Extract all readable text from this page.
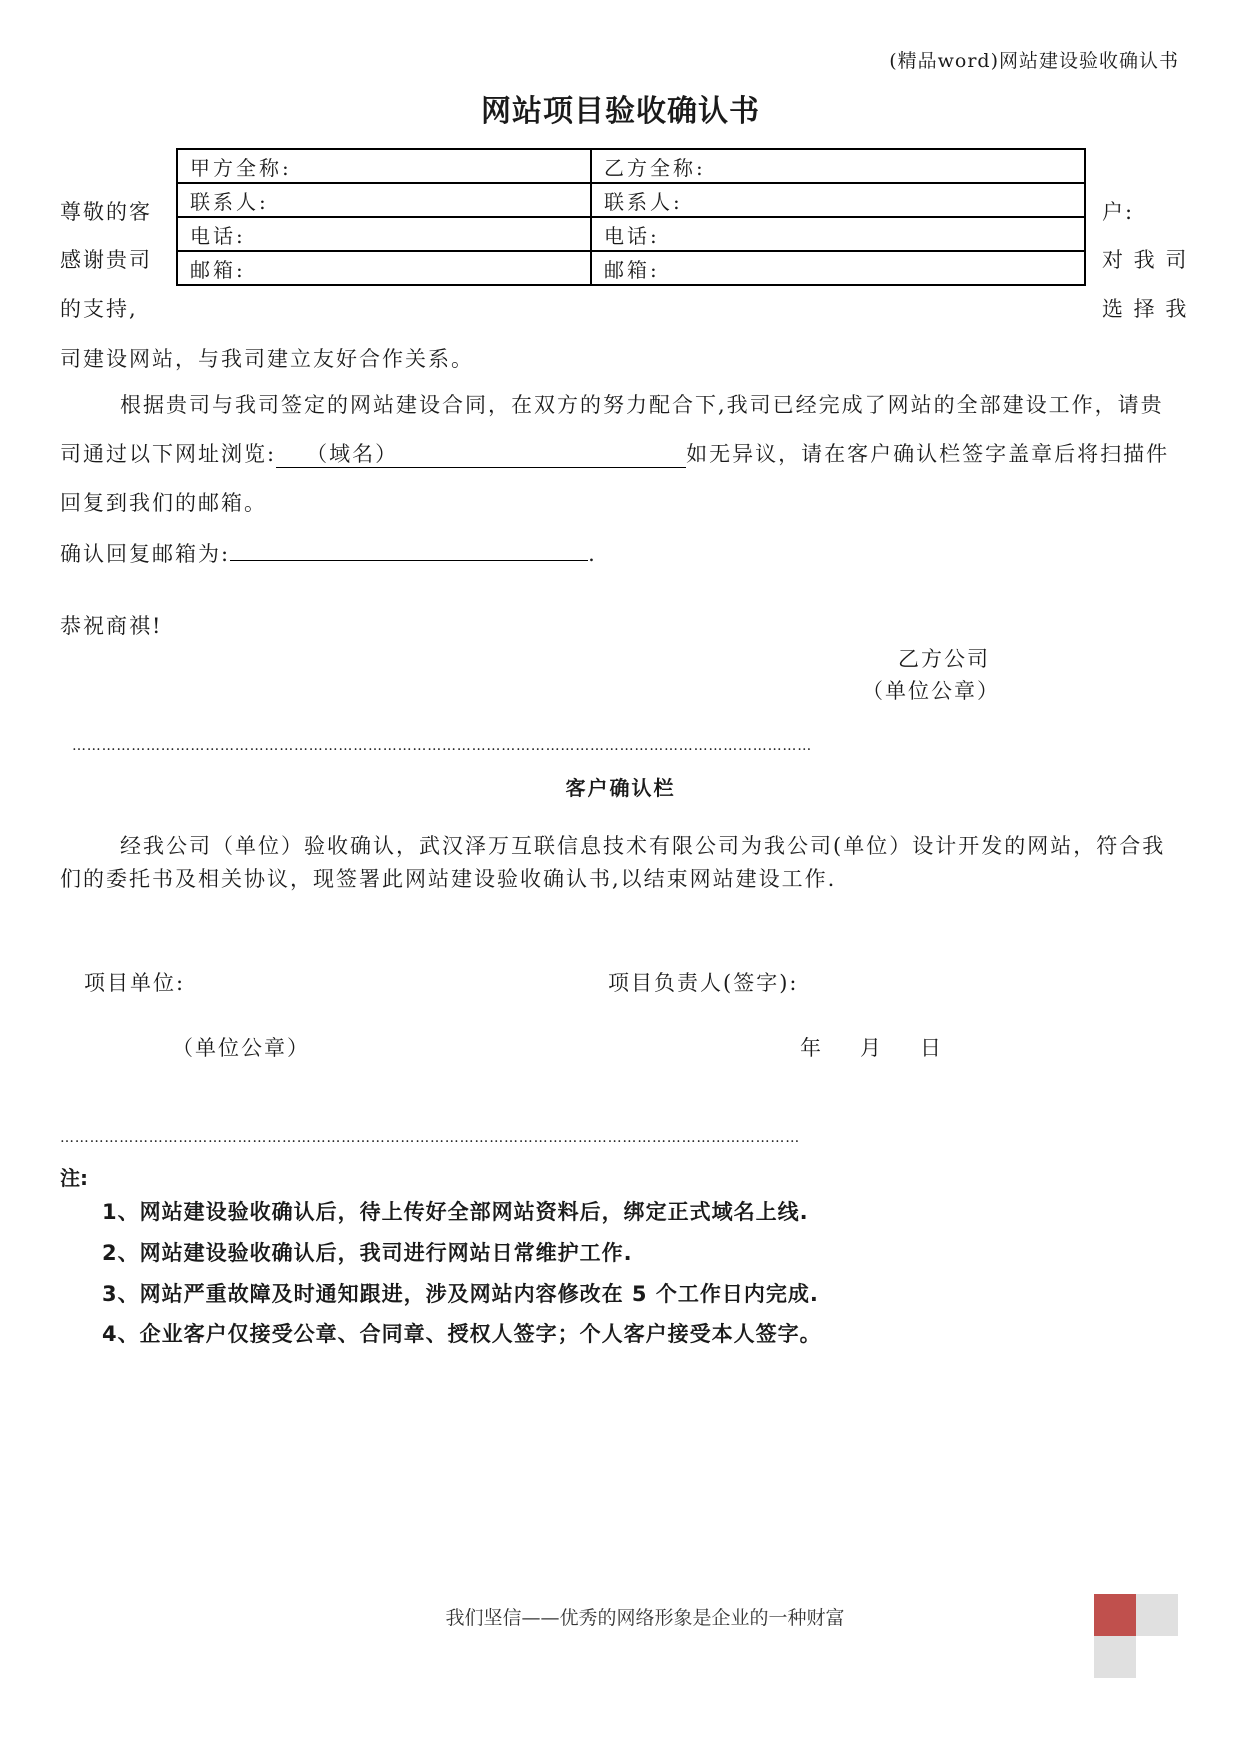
(精品word)网站建设验收确认书
网站项目验收确认书
尊敬的客
感谢贵司
的支持,
户:
对 我 司
选 择 我
甲方全称:	乙方全称:
联系人:	联系人:
电话:	电话:
邮箱:	邮箱:
司建设网站，与我司建立友好合作关系。
根据贵司与我司签定的网站建设合同，在双方的努力配合下,我司已经完成了网站的全部建设工作，请贵司通过以下网址浏览: （域名）	如无异议，请在客户确认栏签字盖章后将扫描件回复到我们的邮箱。
确认回复邮箱为:	.
恭祝商祺!
乙方公司
（单位公章）
……………………………………………………………………………………………………………………………………
客户确认栏
经我公司（单位）验收确认，武汉泽万互联信息技术有限公司为我公司(单位）设计开发的网站，符合我们的委托书及相关协议，现签署此网站建设验收确认书,以结束网站建设工作.
项目单位:	项目负责人(签字):
（单位公章）	年 月 日
……………………………………………………………………………………………………………………………………
注:
1、网站建设验收确认后，待上传好全部网站资料后，绑定正式域名上线.
2、网站建设验收确认后，我司进行网站日常维护工作.
3、网站严重故障及时通知跟进，涉及网站内容修改在 5 个工作日内完成.
4、企业客户仅接受公章、合同章、授权人签字；个人客户接受本人签字。
我们坚信——优秀的网络形象是企业的一种财富
